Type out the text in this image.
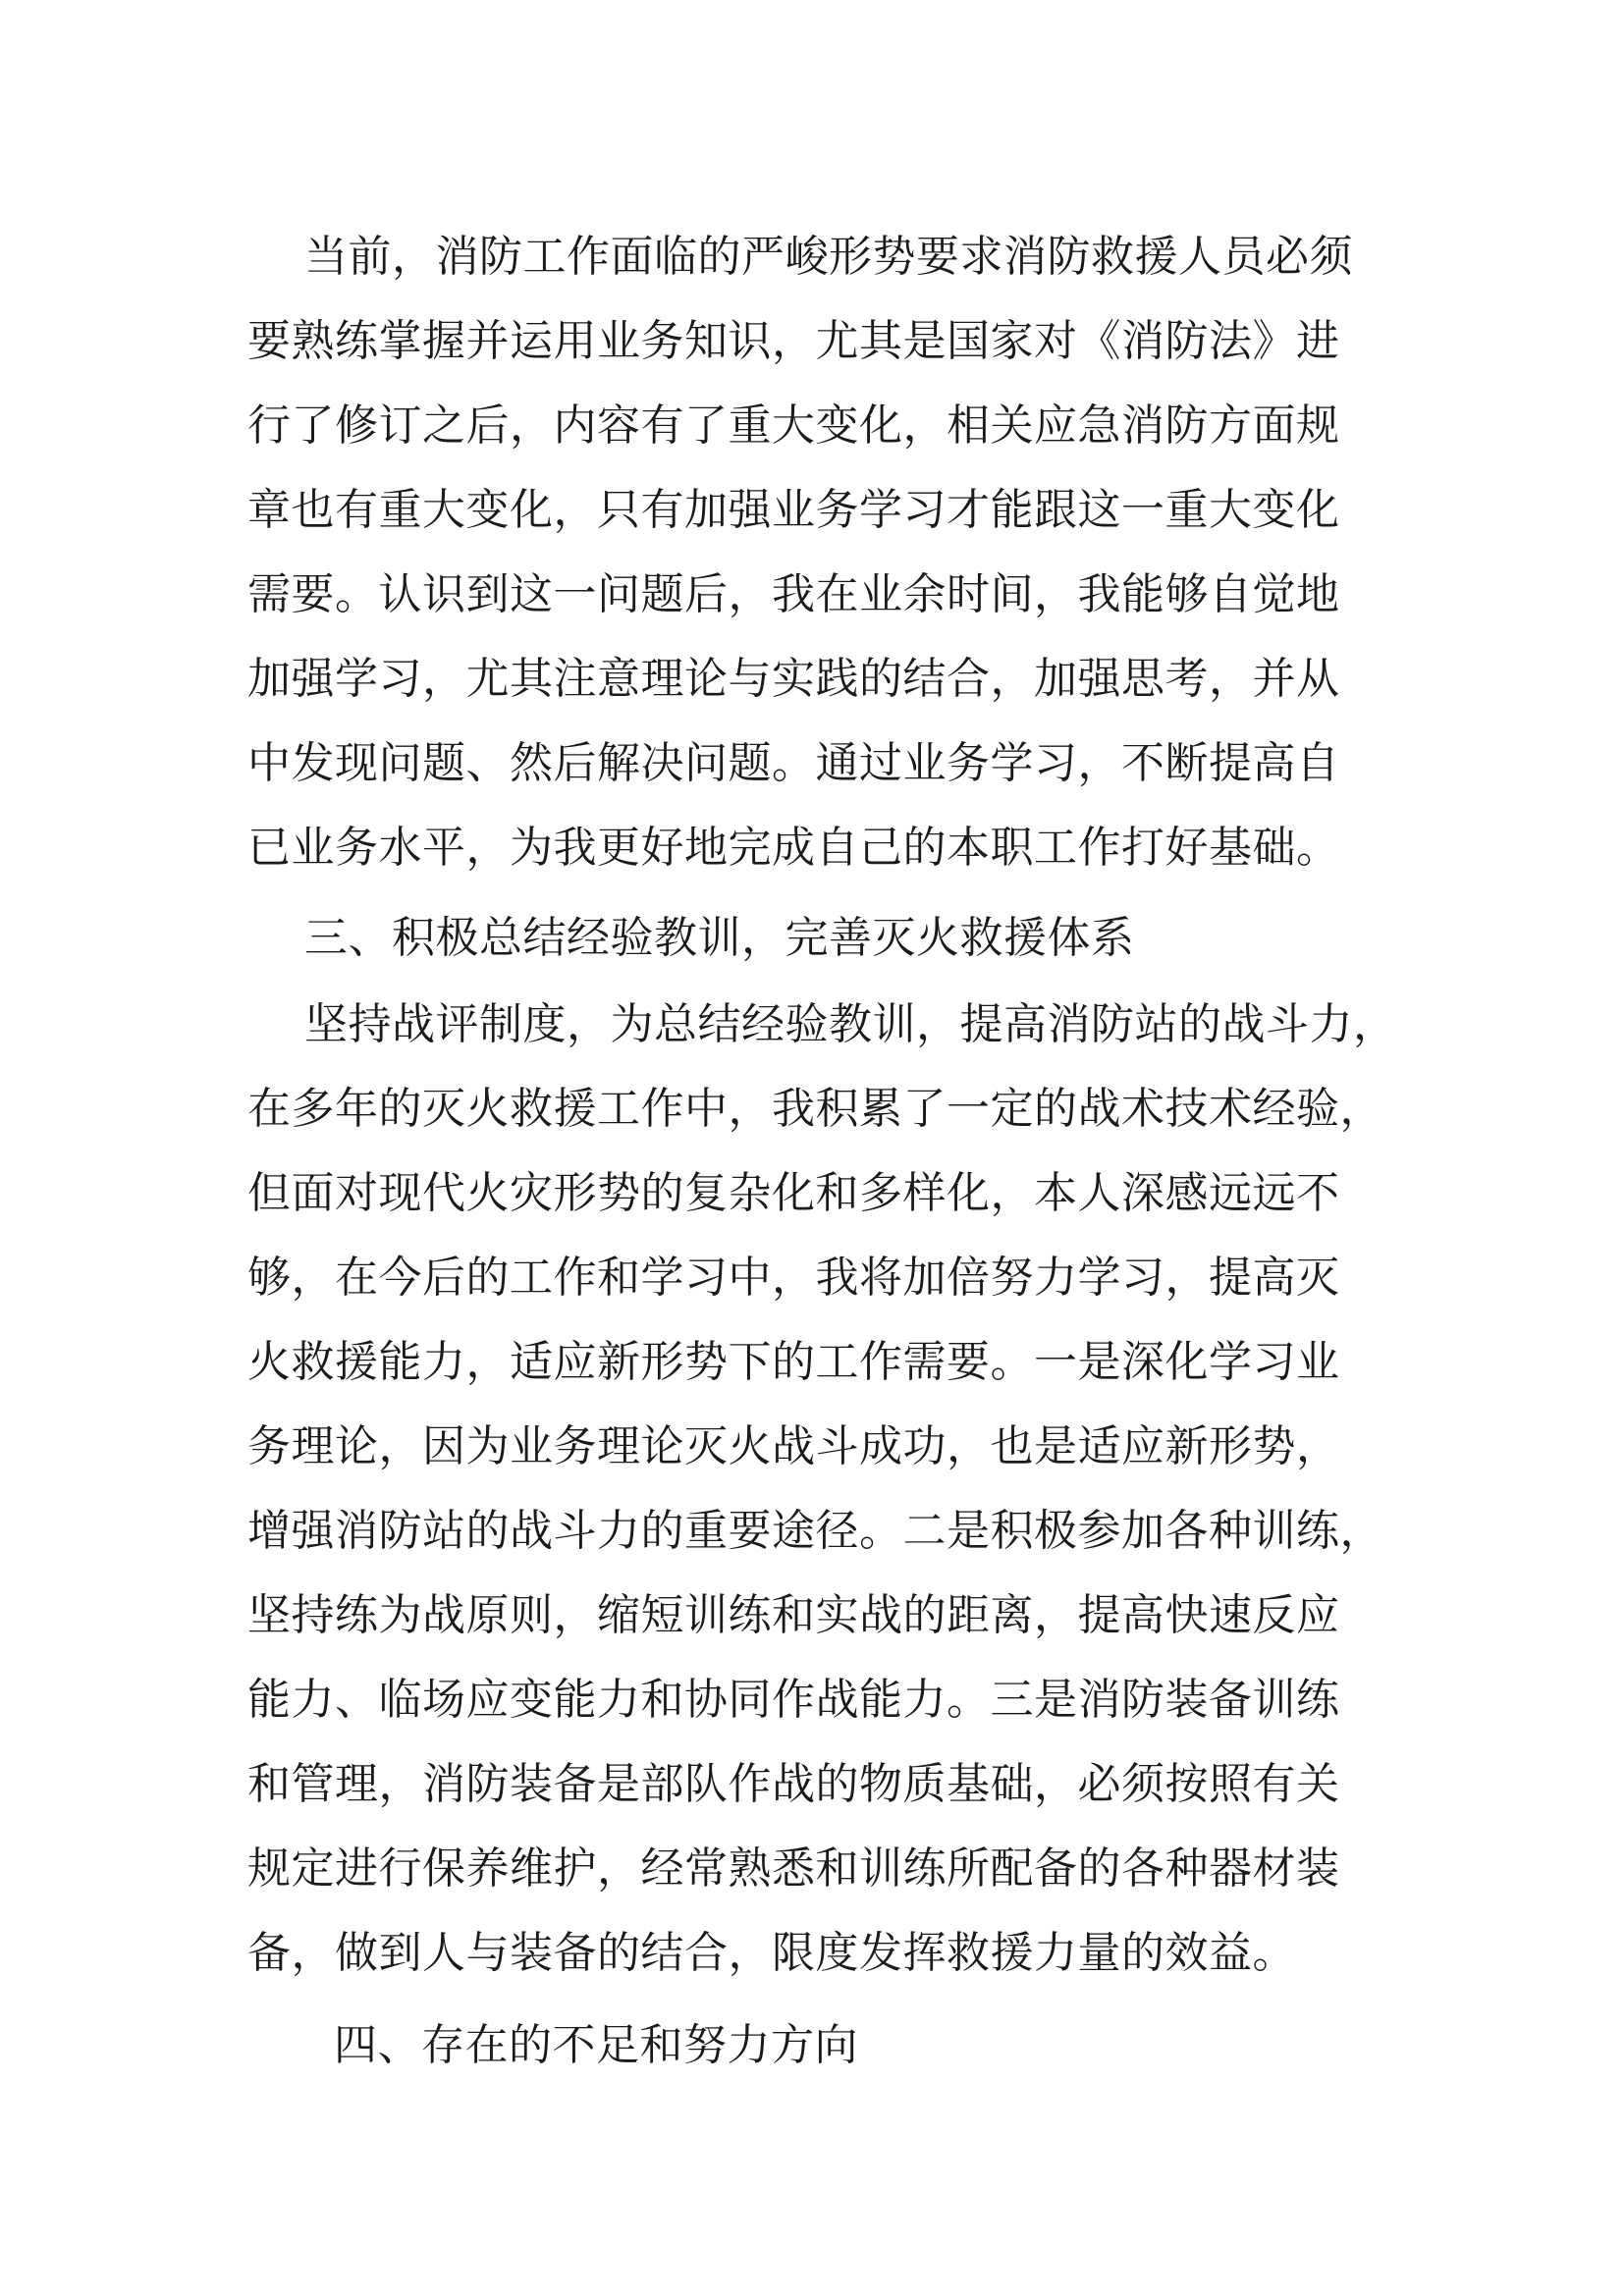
当前，消防工作面临的严峻形势要求消防救援人员必须
要熟练掌握并运用业务知识，尤其是国家对《消防法》进
行了修订之后，内容有了重大变化，相关应急消防方面规
章也有重大变化，只有加强业务学习才能跟这一重大变化
需要。认识到这一问题后，我在业余时间，我能够自觉地
加强学习，尤其注意理论与实践的结合，加强思考，并从
中发现问题、然后解决问题。通过业务学习，不断提高自
已业务水平，为我更好地完成自己的本职工作打好基础。
三、积极总结经验教训，完善灭火救援体系
坚持战评制度，为总结经验教训，提高消防站的战斗力，
在多年的灭火救援工作中，我积累了一定的战术技术经验，
但面对现代火灾形势的复杂化和多样化，本人深感远远不
够，在今后的工作和学习中，我将加倍努力学习，提高灭
火救援能力，适应新形势下的工作需要。一是深化学习业
务理论，因为业务理论灭火战斗成功，也是适应新形势，
增强消防站的战斗力的重要途径。二是积极参加各种训练，
坚持练为战原则，缩短训练和实战的距离，提高快速反应
能力、临场应变能力和协同作战能力。三是消防装备训练
和管理，消防装备是部队作战的物质基础，必须按照有关
规定进行保养维护，经常熟悉和训练所配备的各种器材装
备，做到人与装备的结合，限度发挥救援力量的效益。
四、存在的不足和努力方向
